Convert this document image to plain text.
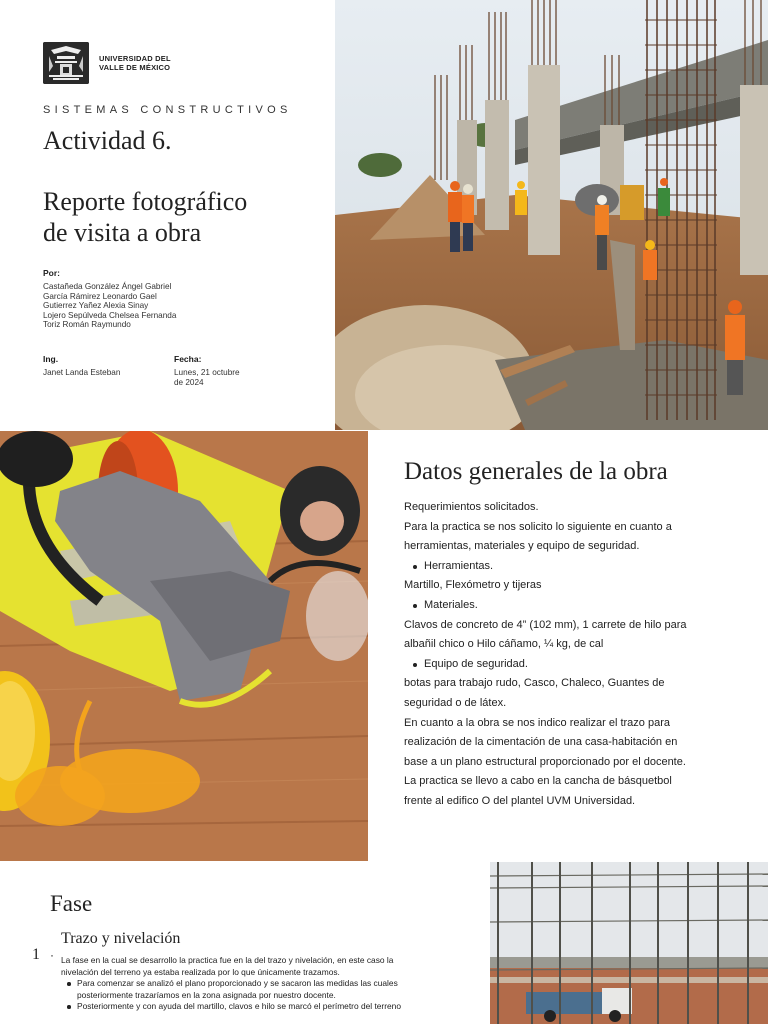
UNIVERSIDAD DEL
VALLE DE MÉXICO
SISTEMAS CONSTRUCTIVOS
Actividad 6.
Reporte fotográfico
de visita a obra
Por:
Castañeda González Ángel Gabriel
García Rámirez Leonardo Gael
Gutierrez Yañez Alexia Sinay
Lojero Sepúlveda Chelsea Fernanda
Toriz Román Raymundo
Ing.
Janet Landa Esteban
Fecha:
Lunes, 21 octubre
de 2024
Datos generales de la obra

Requerimientos solicitados.

Para la practica se nos solicito lo siguiente en cuanto a

herramientas, materiales y equipo de seguridad.

Herramientas.

Martillo, Flexómetro y tijeras

Materiales.

Clavos de concreto de 4” (102 mm), 1 carrete de hilo para

albañil chico o Hilo cáñamo, ¼ kg, de cal

Equipo de seguridad.

botas para trabajo rudo, Casco, Chaleco, Guantes de

seguridad o de látex.

En cuanto a la obra se nos indico realizar el trazo para

realización de la cimentación de una casa-habitación en

base a un plano estructural proporcionado por el docente.

La practica se llevo a cabo en la cancha de básquetbol

frente al edifico O del plantel UVM Universidad.

Fase
1 ·
Trazo y nivelación
La fase en la cual se desarrollo la practica fue en la del trazo y nivelación, en este caso la
nivelación del terreno ya estaba realizada por lo que únicamente trazamos.
Para comenzar se analizó el plano proporcionado y se sacaron las medidas las cuales
posteriormente trazaríamos en la zona asignada por nuestro docente.
Posteriormente y con ayuda del martillo, clavos e hilo se marcó el perímetro del terreno
